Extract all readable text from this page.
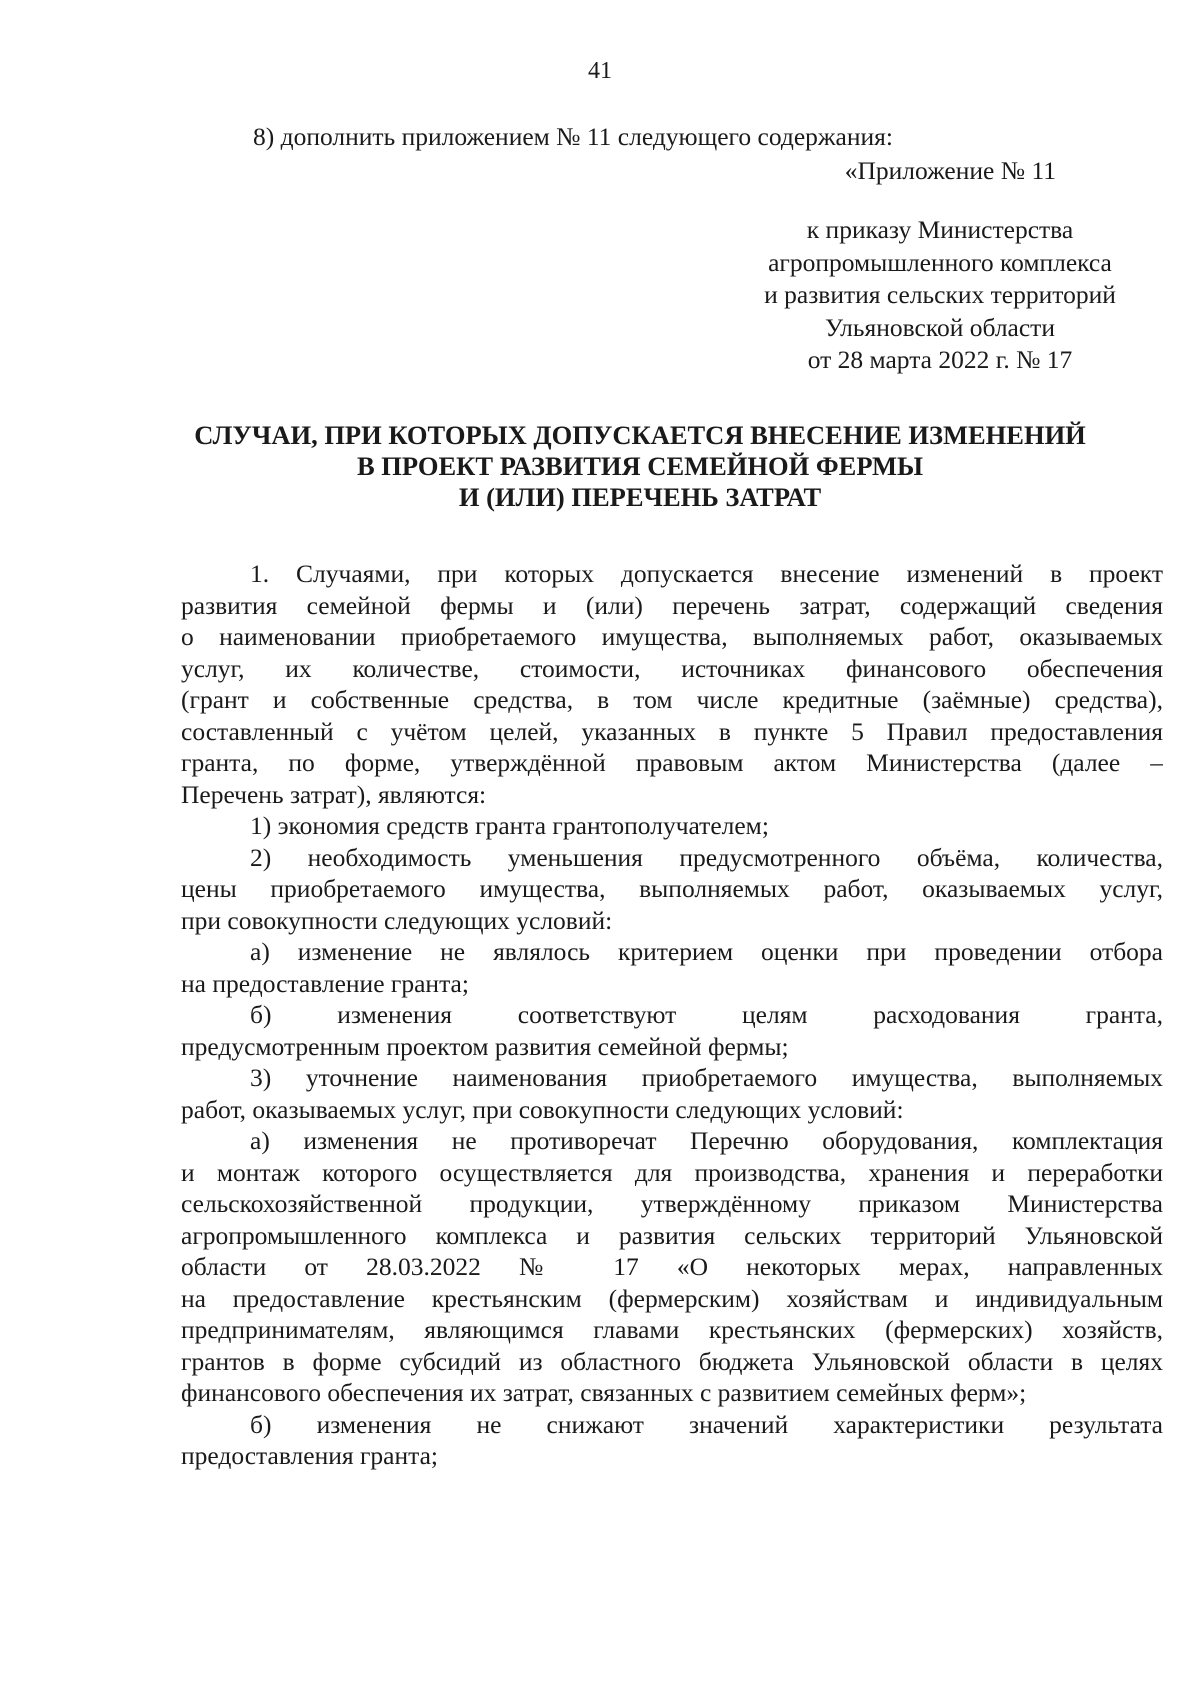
41
8) дополнить приложением № 11 следующего содержания:
«Приложение № 11
к приказу Министерства
агропромышленного комплекса
и развития сельских территорий
Ульяновской области
от 28 марта 2022 г. № 17
СЛУЧАИ, ПРИ КОТОРЫХ ДОПУСКАЕТСЯ ВНЕСЕНИЕ ИЗМЕНЕНИЙ
В ПРОЕКТ РАЗВИТИЯ СЕМЕЙНОЙ ФЕРМЫ
И (ИЛИ) ПЕРЕЧЕНЬ ЗАТРАТ
1. Случаями, при которых допускается внесение изменений в проект
развития семейной фермы и (или) перечень затрат, содержащий сведения
о наименовании приобретаемого имущества, выполняемых работ, оказываемых
услуг, их количестве, стоимости, источниках финансового обеспечения
(грант и собственные средства, в том числе кредитные (заёмные) средства),
составленный с учётом целей, указанных в пункте 5 Правил предоставления
гранта, по форме, утверждённой правовым актом Министерства (далее –
Перечень затрат), являются:
1) экономия средств гранта грантополучателем;
2) необходимость уменьшения предусмотренного объёма, количества,
цены приобретаемого имущества, выполняемых работ, оказываемых услуг,
при совокупности следующих условий:
а) изменение не являлось критерием оценки при проведении отбора
на предоставление гранта;
б) изменения соответствуют целям расходования гранта,
предусмотренным проектом развития семейной фермы;
3) уточнение наименования приобретаемого имущества, выполняемых
работ, оказываемых услуг, при совокупности следующих условий:
а) изменения не противоречат Перечню оборудования, комплектация
и монтаж которого осуществляется для производства, хранения и переработки
сельскохозяйственной продукции, утверждённому приказом Министерства
агропромышленного комплекса и развития сельских территорий Ульяновской
области от 28.03.2022 № 17 «О некоторых мерах, направленных
на предоставление крестьянским (фермерским) хозяйствам и индивидуальным
предпринимателям, являющимся главами крестьянских (фермерских) хозяйств,
грантов в форме субсидий из областного бюджета Ульяновской области в целях
финансового обеспечения их затрат, связанных с развитием семейных ферм»;
б) изменения не снижают значений характеристики результата
предоставления гранта;
